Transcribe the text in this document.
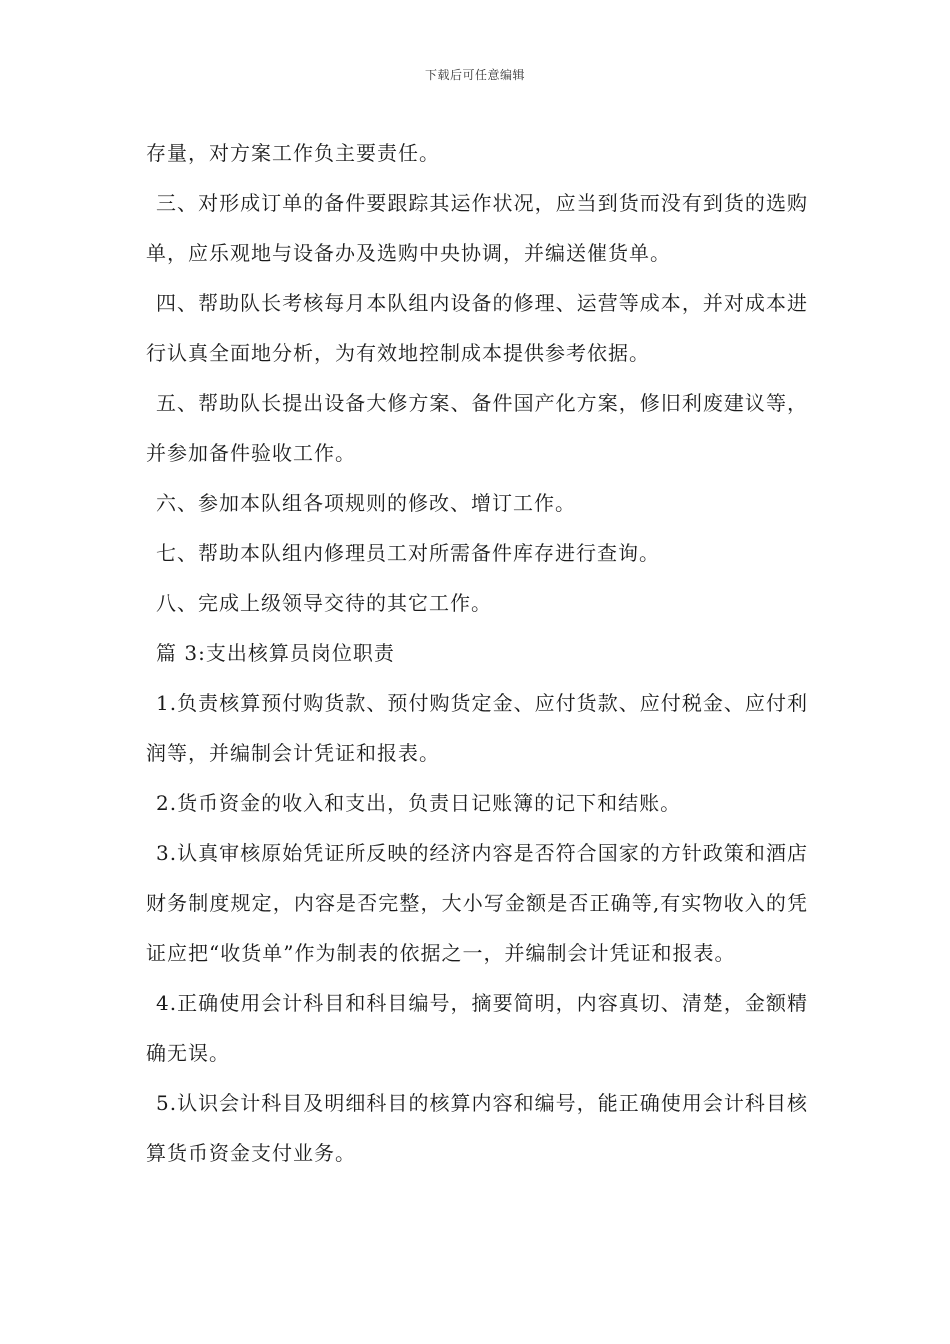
下载后可任意编辑

存量，对方案工作负主要责任。

三、对形成订单的备件要跟踪其运作状况，应当到货而没有到货的选购单，应乐观地与设备办及选购中央协调，并编送催货单。

四、帮助队长考核每月本队组内设备的修理、运营等成本，并对成本进行认真全面地分析，为有效地控制成本提供参考依据。

五、帮助队长提出设备大修方案、备件国产化方案，修旧利废建议等，并参加备件验收工作。

六、参加本队组各项规则的修改、增订工作。

七、帮助本队组内修理员工对所需备件库存进行查询。

八、完成上级领导交待的其它工作。

篇 3:支出核算员岗位职责

1.负责核算预付购货款、预付购货定金、应付货款、应付税金、应付利润等，并编制会计凭证和报表。

2.货币资金的收入和支出，负责日记账簿的记下和结账。

3.认真审核原始凭证所反映的经济内容是否符合国家的方针政策和酒店财务制度规定，内容是否完整，大小写金额是否正确等,有实物收入的凭证应把“收货单”作为制表的依据之一，并编制会计凭证和报表。

4.正确使用会计科目和科目编号，摘要简明，内容真切、清楚，金额精确无误。

5.认识会计科目及明细科目的核算内容和编号，能正确使用会计科目核算货币资金支付业务。
